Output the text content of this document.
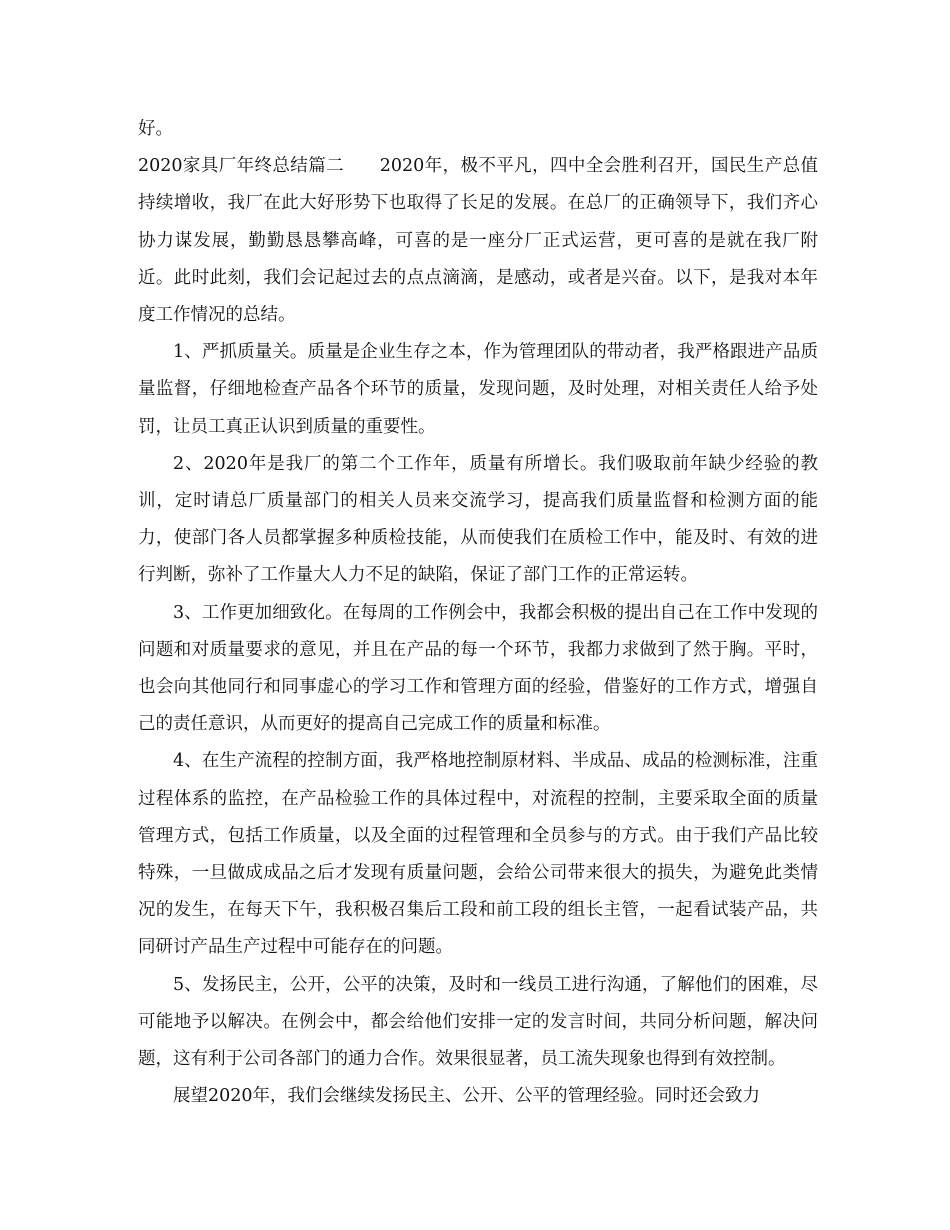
好。

2020家具厂年终总结篇二　　2020年，极不平凡，四中全会胜利召开，国民生产总值持续增收，我厂在此大好形势下也取得了长足的发展。在总厂的正确领导下，我们齐心协力谋发展，勤勤恳恳攀高峰，可喜的是一座分厂正式运营，更可喜的是就在我厂附近。此时此刻，我们会记起过去的点点滴滴，是感动，或者是兴奋。以下，是我对本年度工作情况的总结。

1、严抓质量关。质量是企业生存之本，作为管理团队的带动者，我严格跟进产品质量监督，仔细地检查产品各个环节的质量，发现问题，及时处理，对相关责任人给予处罚，让员工真正认识到质量的重要性。

2、2020年是我厂的第二个工作年，质量有所增长。我们吸取前年缺少经验的教训，定时请总厂质量部门的相关人员来交流学习，提高我们质量监督和检测方面的能力，使部门各人员都掌握多种质检技能，从而使我们在质检工作中，能及时、有效的进行判断，弥补了工作量大人力不足的缺陷，保证了部门工作的正常运转。

3、工作更加细致化。在每周的工作例会中，我都会积极的提出自己在工作中发现的问题和对质量要求的意见，并且在产品的每一个环节，我都力求做到了然于胸。平时，也会向其他同行和同事虚心的学习工作和管理方面的经验，借鉴好的工作方式，增强自己的责任意识，从而更好的提高自己完成工作的质量和标准。

4、在生产流程的控制方面，我严格地控制原材料、半成品、成品的检测标准，注重过程体系的监控，在产品检验工作的具体过程中，对流程的控制，主要采取全面的质量管理方式，包括工作质量，以及全面的过程管理和全员参与的方式。由于我们产品比较特殊，一旦做成成品之后才发现有质量问题，会给公司带来很大的损失，为避免此类情况的发生，在每天下午，我积极召集后工段和前工段的组长主管，一起看试装产品，共同研讨产品生产过程中可能存在的问题。

5、发扬民主，公开，公平的决策，及时和一线员工进行沟通，了解他们的困难，尽可能地予以解决。在例会中，都会给他们安排一定的发言时间，共同分析问题，解决问题，这有利于公司各部门的通力合作。效果很显著，员工流失现象也得到有效控制。

展望2020年，我们会继续发扬民主、公开、公平的管理经验。同时还会致力
